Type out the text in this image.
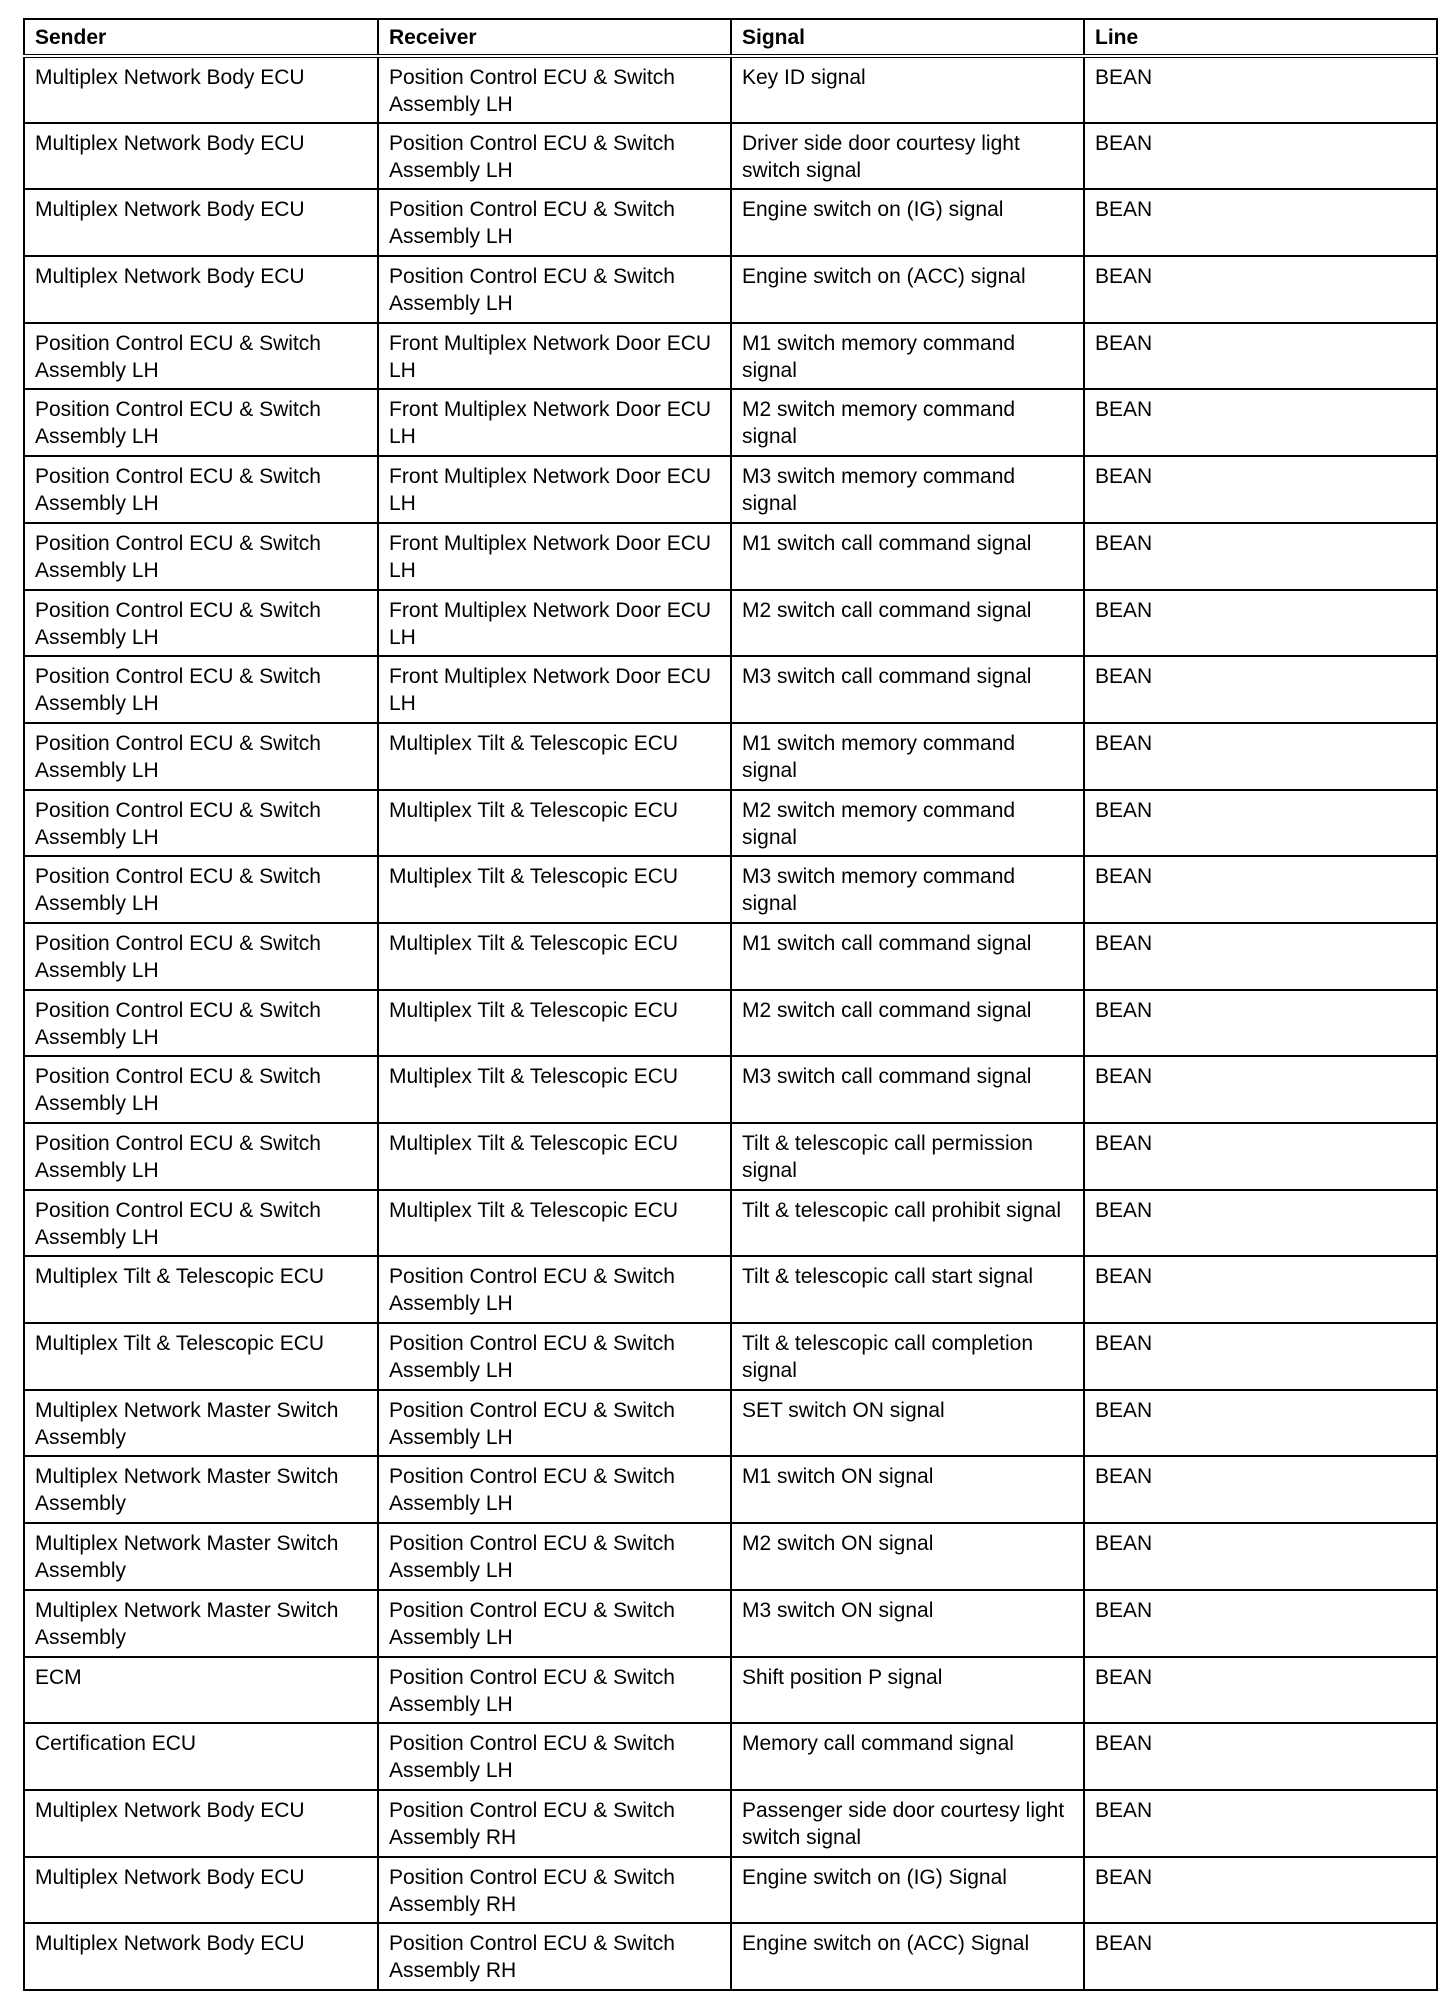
Sender	Receiver	Signal	Line
Multiplex Network Body ECU	Position Control ECU & Switch Assembly LH	Key ID signal	BEAN
Multiplex Network Body ECU	Position Control ECU & Switch Assembly LH	Driver side door courtesy light switch signal	BEAN
Multiplex Network Body ECU	Position Control ECU & Switch Assembly LH	Engine switch on (IG) signal	BEAN
Multiplex Network Body ECU	Position Control ECU & Switch Assembly LH	Engine switch on (ACC) signal	BEAN
Position Control ECU & Switch Assembly LH	Front Multiplex Network Door ECU LH	M1 switch memory command signal	BEAN
Position Control ECU & Switch Assembly LH	Front Multiplex Network Door ECU LH	M2 switch memory command signal	BEAN
Position Control ECU & Switch Assembly LH	Front Multiplex Network Door ECU LH	M3 switch memory command signal	BEAN
Position Control ECU & Switch Assembly LH	Front Multiplex Network Door ECU LH	M1 switch call command signal	BEAN
Position Control ECU & Switch Assembly LH	Front Multiplex Network Door ECU LH	M2 switch call command signal	BEAN
Position Control ECU & Switch Assembly LH	Front Multiplex Network Door ECU LH	M3 switch call command signal	BEAN
Position Control ECU & Switch Assembly LH	Multiplex Tilt & Telescopic ECU	M1 switch memory command signal	BEAN
Position Control ECU & Switch Assembly LH	Multiplex Tilt & Telescopic ECU	M2 switch memory command signal	BEAN
Position Control ECU & Switch Assembly LH	Multiplex Tilt & Telescopic ECU	M3 switch memory command signal	BEAN
Position Control ECU & Switch Assembly LH	Multiplex Tilt & Telescopic ECU	M1 switch call command signal	BEAN
Position Control ECU & Switch Assembly LH	Multiplex Tilt & Telescopic ECU	M2 switch call command signal	BEAN
Position Control ECU & Switch Assembly LH	Multiplex Tilt & Telescopic ECU	M3 switch call command signal	BEAN
Position Control ECU & Switch Assembly LH	Multiplex Tilt & Telescopic ECU	Tilt & telescopic call permission signal	BEAN
Position Control ECU & Switch Assembly LH	Multiplex Tilt & Telescopic ECU	Tilt & telescopic call prohibit signal	BEAN
Multiplex Tilt & Telescopic ECU	Position Control ECU & Switch Assembly LH	Tilt & telescopic call start signal	BEAN
Multiplex Tilt & Telescopic ECU	Position Control ECU & Switch Assembly LH	Tilt & telescopic call completion signal	BEAN
Multiplex Network Master Switch Assembly	Position Control ECU & Switch Assembly LH	SET switch ON signal	BEAN
Multiplex Network Master Switch Assembly	Position Control ECU & Switch Assembly LH	M1 switch ON signal	BEAN
Multiplex Network Master Switch Assembly	Position Control ECU & Switch Assembly LH	M2 switch ON signal	BEAN
Multiplex Network Master Switch Assembly	Position Control ECU & Switch Assembly LH	M3 switch ON signal	BEAN
ECM	Position Control ECU & Switch Assembly LH	Shift position P signal	BEAN
Certification ECU	Position Control ECU & Switch Assembly LH	Memory call command signal	BEAN
Multiplex Network Body ECU	Position Control ECU & Switch Assembly RH	Passenger side door courtesy light switch signal	BEAN
Multiplex Network Body ECU	Position Control ECU & Switch Assembly RH	Engine switch on (IG) Signal	BEAN
Multiplex Network Body ECU	Position Control ECU & Switch Assembly RH	Engine switch on (ACC) Signal	BEAN
